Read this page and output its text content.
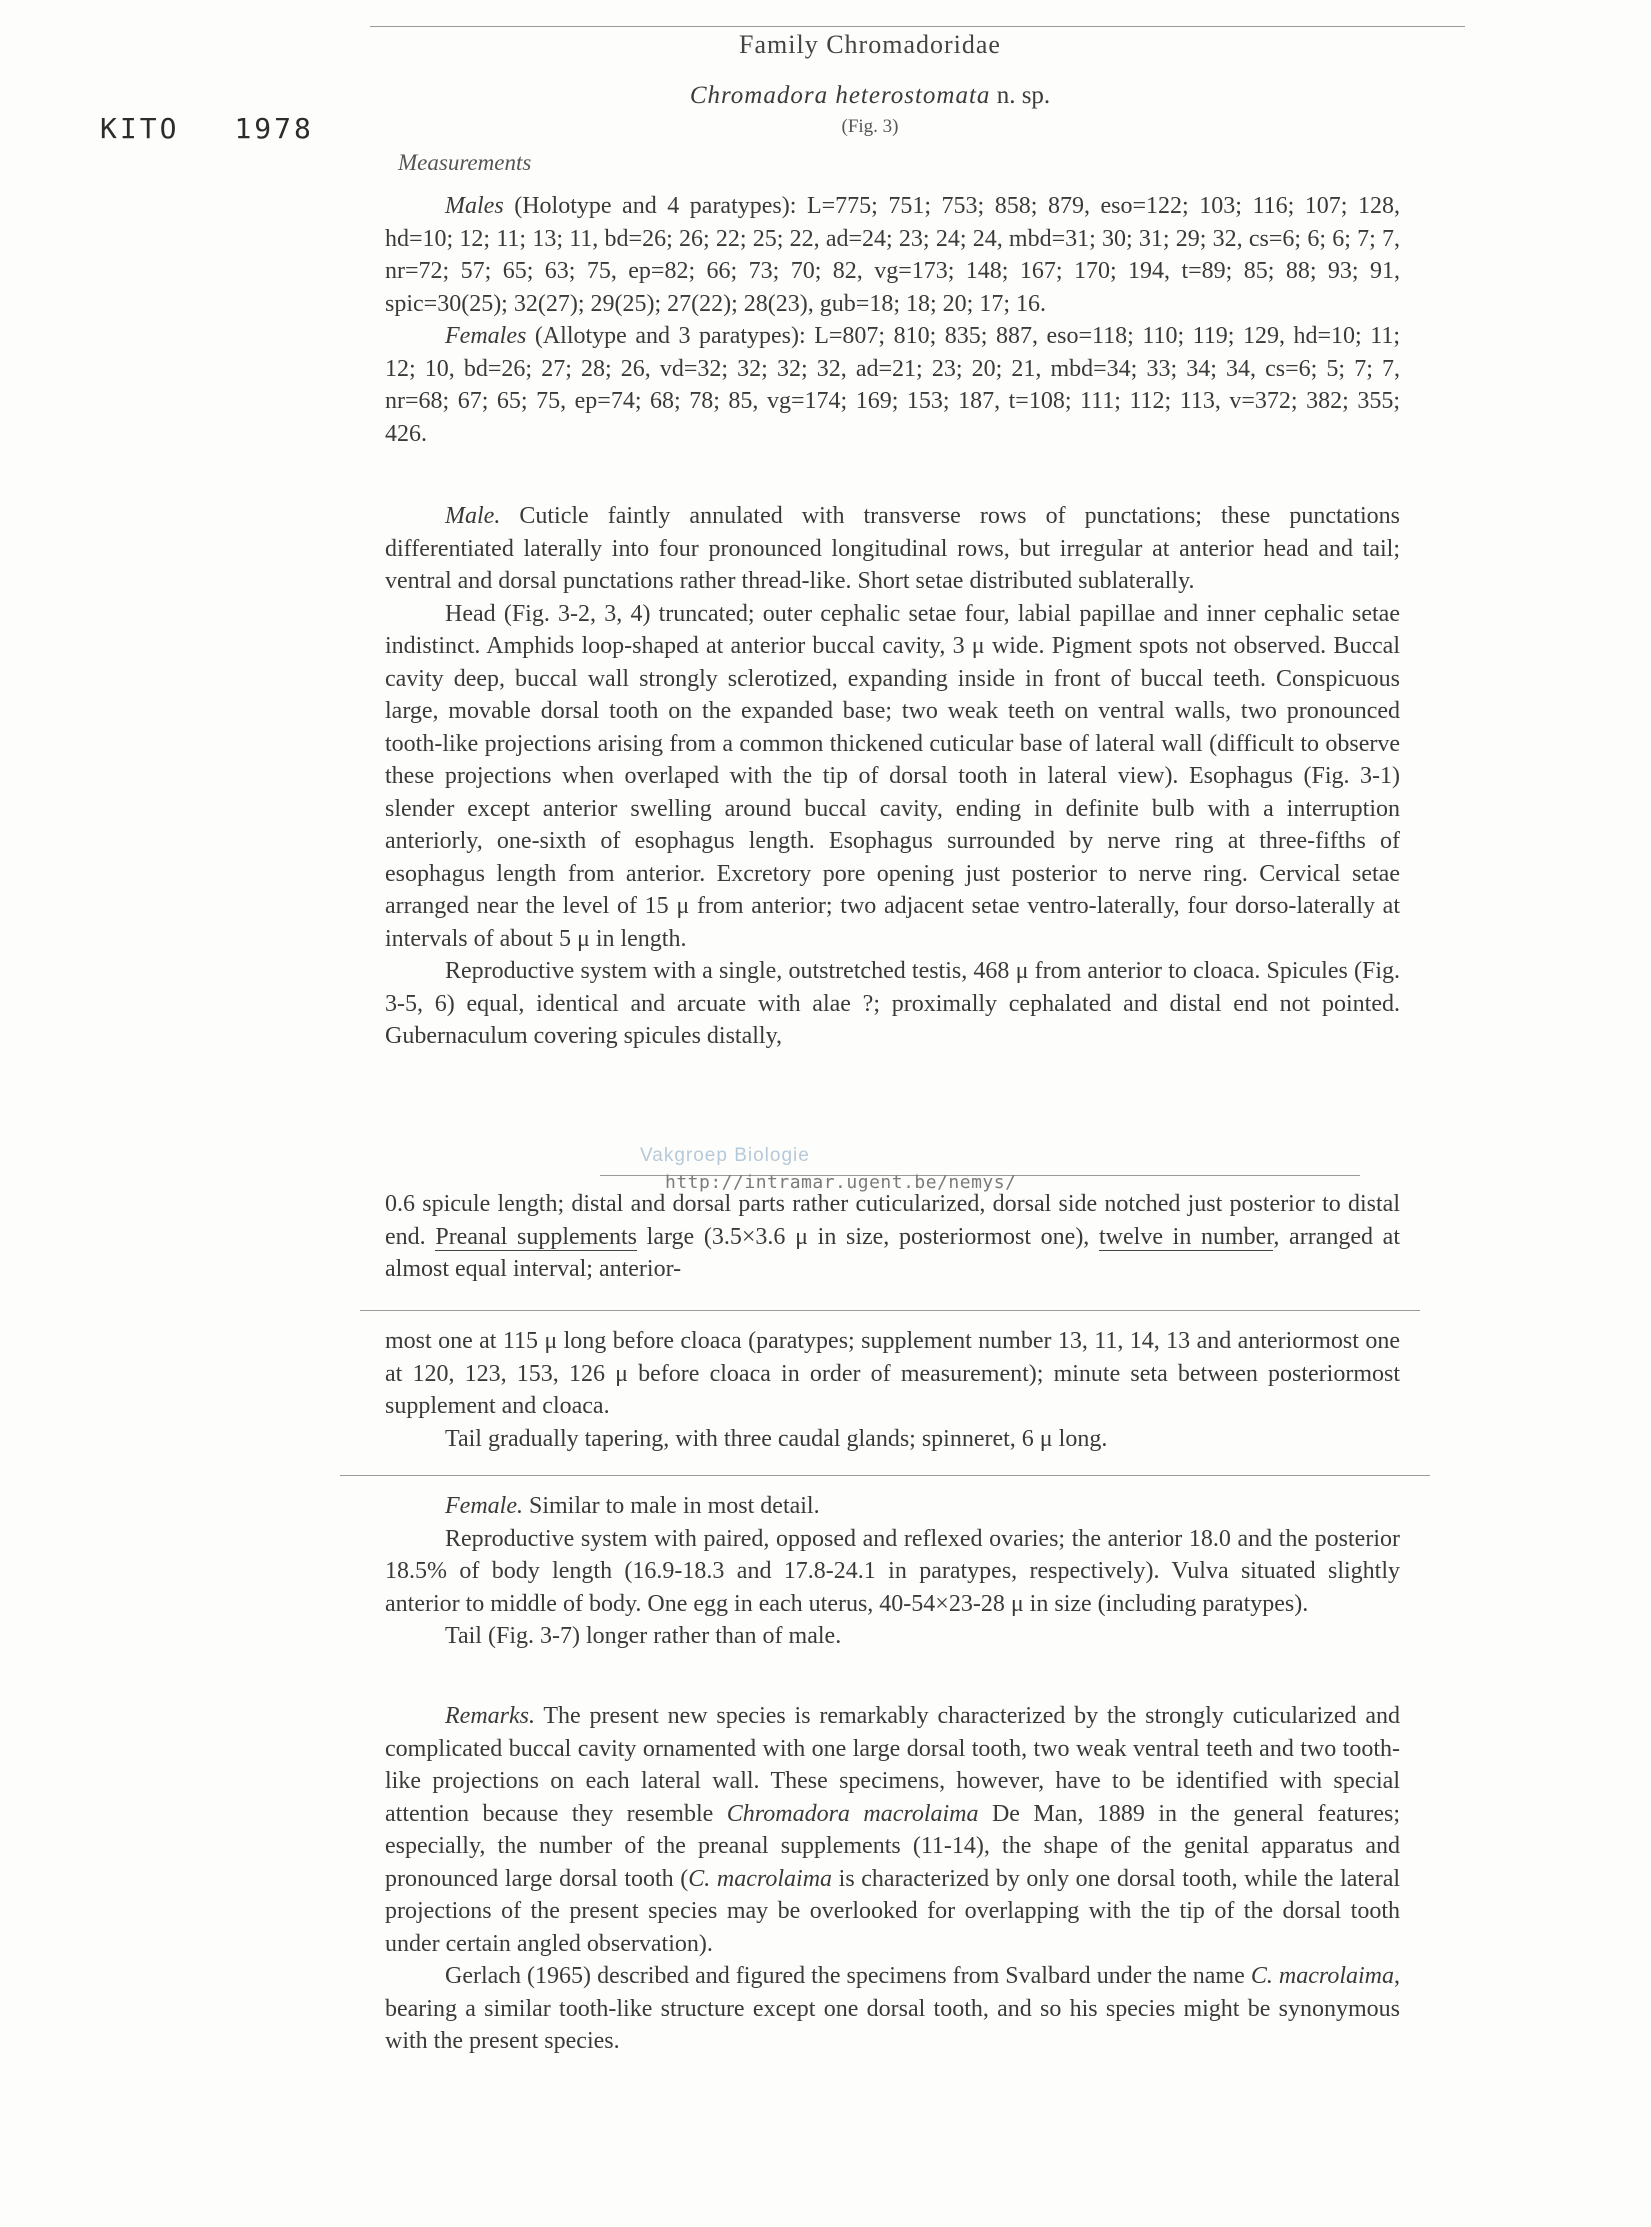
KITO 1978
Family Chromadoridae
Chromadora heterostomata n. sp.
(Fig. 3)
Measurements

Males (Holotype and 4 paratypes): L=775; 751; 753; 858; 879, eso=122; 103; 116; 107; 128, hd=10; 12; 11; 13; 11, bd=26; 26; 22; 25; 22, ad=24; 23; 24; 24, mbd=31; 30; 31; 29; 32, cs=6; 6; 6; 7; 7, nr=72; 57; 65; 63; 75, ep=82; 66; 73; 70; 82, vg=173; 148; 167; 170; 194, t=89; 85; 88; 93; 91, spic=30(25); 32(27); 29(25); 27(22); 28(23), gub=18; 18; 20; 17; 16.

Females (Allotype and 3 paratypes): L=807; 810; 835; 887, eso=118; 110; 119; 129, hd=10; 11; 12; 10, bd=26; 27; 28; 26, vd=32; 32; 32; 32, ad=21; 23; 20; 21, mbd=34; 33; 34; 34, cs=6; 5; 7; 7, nr=68; 67; 65; 75, ep=74; 68; 78; 85, vg=174; 169; 153; 187, t=108; 111; 112; 113, v=372; 382; 355; 426.

Male. Cuticle faintly annulated with transverse rows of punctations; these punctations differentiated laterally into four pronounced longitudinal rows, but irregular at anterior head and tail; ventral and dorsal punctations rather thread-like. Short setae distributed sublaterally.

Head (Fig. 3-2, 3, 4) truncated; outer cephalic setae four, labial papillae and inner cephalic setae indistinct. Amphids loop-shaped at anterior buccal cavity, 3 μ wide. Pigment spots not observed. Buccal cavity deep, buccal wall strongly sclerotized, expanding inside in front of buccal teeth. Conspicuous large, movable dorsal tooth on the expanded base; two weak teeth on ventral walls, two pronounced tooth-like projections arising from a common thickened cuticular base of lateral wall (difficult to observe these projections when overlaped with the tip of dorsal tooth in lateral view). Esophagus (Fig. 3-1) slender except anterior swelling around buccal cavity, ending in definite bulb with a interruption anteriorly, one-sixth of esophagus length. Esophagus surrounded by nerve ring at three-fifths of esophagus length from anterior. Excretory pore opening just posterior to nerve ring. Cervical setae arranged near the level of 15 μ from anterior; two adjacent setae ventro-laterally, four dorso-laterally at intervals of about 5 μ in length.

Reproductive system with a single, outstretched testis, 468 μ from anterior to cloaca. Spicules (Fig. 3-5, 6) equal, identical and arcuate with alae ?; proximally cephalated and distal end not pointed. Gubernaculum covering spicules distally,

Vakgroep Biologie
http://intramar.ugent.be/nemys/

0.6 spicule length; distal and dorsal parts rather cuticularized, dorsal side notched just posterior to distal end. Preanal supplements large (3.5×3.6 μ in size, posteriormost one), twelve in number, arranged at almost equal interval; anterior-

most one at 115 μ long before cloaca (paratypes; supplement number 13, 11, 14, 13 and anteriormost one at 120, 123, 153, 126 μ before cloaca in order of measurement); minute seta between posteriormost supplement and cloaca.

Tail gradually tapering, with three caudal glands; spinneret, 6 μ long.

Female. Similar to male in most detail.

Reproductive system with paired, opposed and reflexed ovaries; the anterior 18.0 and the posterior 18.5% of body length (16.9-18.3 and 17.8-24.1 in paratypes, respectively). Vulva situated slightly anterior to middle of body. One egg in each uterus, 40-54×23-28 μ in size (including paratypes).

Tail (Fig. 3-7) longer rather than of male.

Remarks. The present new species is remarkably characterized by the strongly cuticularized and complicated buccal cavity ornamented with one large dorsal tooth, two weak ventral teeth and two tooth-like projections on each lateral wall. These specimens, however, have to be identified with special attention because they resemble Chromadora macrolaima De Man, 1889 in the general features; especially, the number of the preanal supplements (11-14), the shape of the genital apparatus and pronounced large dorsal tooth (C. macrolaima is characterized by only one dorsal tooth, while the lateral projections of the present species may be overlooked for overlapping with the tip of the dorsal tooth under certain angled observation).

Gerlach (1965) described and figured the specimens from Svalbard under the name C. macrolaima, bearing a similar tooth-like structure except one dorsal tooth, and so his species might be synonymous with the present species.
